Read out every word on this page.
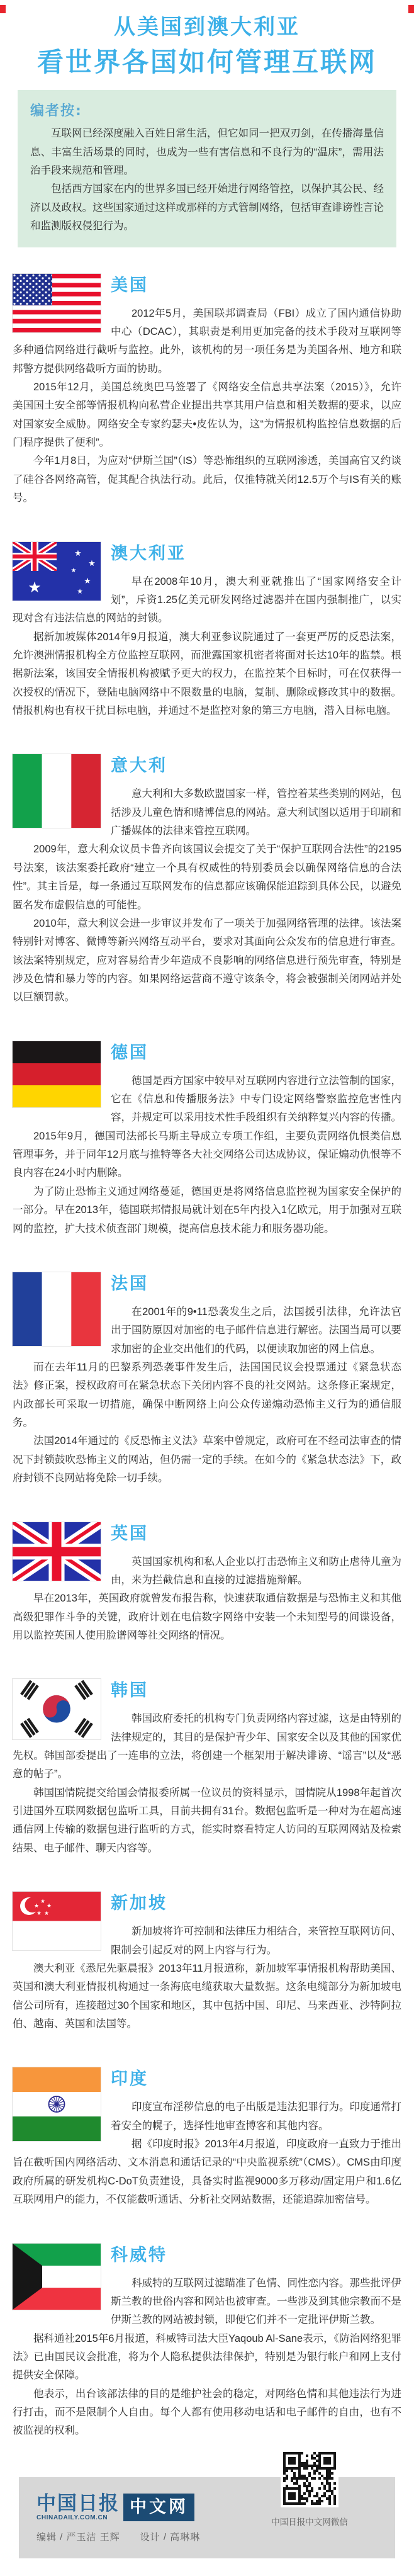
从美国到澳大利亚
看世界各国如何管理互联网
编者按:

互联网已经深度融入百姓日常生活，但它如同一把双刃剑，在传播海量信息、丰富生活场景的同时，也成为一些有害信息和不良行为的“温床”，需用法治手段来规范和管理。

包括西方国家在内的世界多国已经开始进行网络管控，以保护其公民、经济以及政权。这些国家通过这样或那样的方式管制网络，包括审查诽谤性言论和监测版权侵犯行为。

美国

2012年5月，美国联邦调查局（FBI）成立了国内通信协助中心（DCAC），其职责是利用更加完备的技术手段对互联网等多种通信网络进行截听与监控。此外，该机构的另一项任务是为美国各州、地方和联邦警方提供网络截听方面的协助。

2015年12月，美国总统奥巴马签署了《网络安全信息共享法案（2015）》，允许美国国土安全部等情报机构向私营企业提出共享其用户信息和相关数据的要求，以应对国家安全威胁。网络安全专家约瑟夫•皮佐认为，这“为情报机构监控信息数据的后门程序提供了便利”。

今年1月8日，为应对“伊斯兰国”（IS）等恐怖组织的互联网渗透，美国高官又约谈了硅谷各网络高管，促其配合执法行动。此后，仅推特就关闭12.5万个与IS有关的账号。

★
★
★
★
★
★
澳大利亚

早在2008年10月，澳大利亚就推出了“国家网络安全计划”，斥资1.25亿美元研发网络过滤器并在国内强制推广，以实现对含有违法信息的网站的封锁。

据新加坡媒体2014年9月报道，澳大利亚参议院通过了一套更严厉的反恐法案，允许澳洲情报机构全方位监控互联网，而泄露国家机密者将面对长达10年的监禁。根据新法案，该国安全情报机构被赋予更大的权力，在监控某个目标时，可在仅获得一次授权的情况下，登陆电脑网络中不限数量的电脑，复制、删除或修改其中的数据。情报机构也有权干扰目标电脑，并通过不是监控对象的第三方电脑，潜入目标电脑。

意大利

意大利和大多数欧盟国家一样，管控着某些类别的网站，包括涉及儿童色情和赌博信息的网站。意大利试图以适用于印刷和广播媒体的法律来管控互联网。

2009年，意大利众议员卡鲁齐向该国议会提交了关于“保护互联网合法性”的2195号法案，该法案委托政府“建立一个具有权威性的特别委员会以确保网络信息的合法性”。其主旨是，每一条通过互联网发布的信息都应该确保能追踪到具体公民，以避免匿名发布虚假信息的可能性。

2010年，意大利议会进一步审议并发布了一项关于加强网络管理的法律。该法案特别针对博客、微博等新兴网络互动平台，要求对其面向公众发布的信息进行审查。该法案特别规定，应对容易给青少年造成不良影响的网络信息进行预先审查，特别是涉及色情和暴力等的内容。如果网络运营商不遵守该条令，将会被强制关闭网站并处以巨额罚款。

德国

德国是西方国家中较早对互联网内容进行立法管制的国家，它在《信息和传播服务法》中专门设定网络警察监控危害性内容，并规定可以采用技术性手段组织有关纳粹复兴内容的传播。

2015年9月，德国司法部长马斯主导成立专项工作组，主要负责网络仇恨类信息管理事务，并于同年12月底与推特等各大社交网络公司达成协议，保证煽动仇恨等不良内容在24小时内删除。

为了防止恐怖主义通过网络蔓延，德国更是将网络信息监控视为国家安全保护的一部分。早在2013年，德国联邦情报局就计划在5年内投入1亿欧元，用于加强对互联网的监控，扩大技术侦查部门规模，提高信息技术能力和服务器功能。

法国

在2001年的9•11恐袭发生之后，法国援引法律，允许法官出于国防原因对加密的电子邮件信息进行解密。法国当局可以要求加密的企业交出他们的代码，以便读取加密的网上信息。

而在去年11月的巴黎系列恐袭事件发生后，法国国民议会投票通过《紧急状态法》修正案，授权政府可在紧急状态下关闭内容不良的社交网站。这条修正案规定，内政部长可采取一切措施，确保中断网络上向公众传递煽动恐怖主义行为的通信服务。

法国2014年通过的《反恐怖主义法》草案中曾规定，政府可在不经司法审查的情况下封锁鼓吹恐怖主义的网站，但仍需一定的手续。在如今的《紧急状态法》下，政府封锁不良网站将免除一切手续。

英国

英国国家机构和私人企业以打击恐怖主义和防止虐待儿童为由，来为拦截信息和直接的过滤措施辩解。

早在2013年，英国政府就曾发布报告称，快速获取通信数据是与恐怖主义和其他高级犯罪作斗争的关键，政府计划在电信数字网络中安装一个未知型号的间谍设备，用以监控英国人使用脸谱网等社交网络的情况。

韩国

韩国政府委托的机构专门负责网络内容过滤，这是由特别的法律规定的，其目的是保护青少年、国家安全以及其他的国家优先权。韩国部委提出了一连串的立法，将创建一个框架用于解决诽谤、“谣言”以及“恶意的帖子”。

韩国国情院提交给国会情报委所属一位议员的资料显示，国情院从1998年起首次引进国外互联网数据包监听工具，目前共拥有31台。数据包监听是一种对为在超高速通信网上传输的数据包进行监听的方式，能实时察看特定人访问的互联网网站及检索结果、电子邮件、聊天内容等。

★
★
★
★
★	新加坡

新加坡将许可控制和法律压力相结合，来管控互联网访问、限制会引起反对的网上内容与行为。

澳大利亚《悉尼先驱晨报》2013年11月报道称，新加坡军事情报机构帮助美国、英国和澳大利亚情报机构通过一条海底电缆获取大量数据。这条电缆部分为新加坡电信公司所有，连接超过30个国家和地区，其中包括中国、印尼、马来西亚、沙特阿拉伯、越南、英国和法国等。

印度

印度宣布淫秽信息的电子出版是违法犯罪行为。印度通常打着安全的幌子，选择性地审查博客和其他内容。

据《印度时报》2013年4月报道，印度政府一直致力于推出旨在截听国内网络活动、文本消息和通话记录的“中央监视系统”（CMS）。CMS由印度政府所属的研发机构C-DoT负责建设，具备实时监视9000多万移动/固定用户和1.6亿互联网用户的能力，不仅能截听通话、分析社交网站数据，还能追踪加密信号。

科威特

科威特的互联网过滤瞄准了色情、同性恋内容。那些批评伊斯兰教的世俗内容和网站也被审查。一些涉及到其他宗教而不是伊斯兰教的网站被封锁，即便它们并不一定批评伊斯兰教。

据科通社2015年6月报道，科威特司法大臣Yaqoub Al-Sane表示，《防治网络犯罪法》已由国民议会批准，将为个人隐私提供法律保护，特别是为银行帐户和网上支付提供安全保障。

他表示，出台该部法律的目的是维护社会的稳定，对网络色情和其他违法行为进行打击，而不是限制个人自由。每个人都有使用移动电话和电子邮件的自由，也有不被监视的权利。

中国日报
CHINADAILY.COM.CN
中文网
编辑 / 严玉洁 王辉　　设计 / 高琳琳
中国日报中文网微信
